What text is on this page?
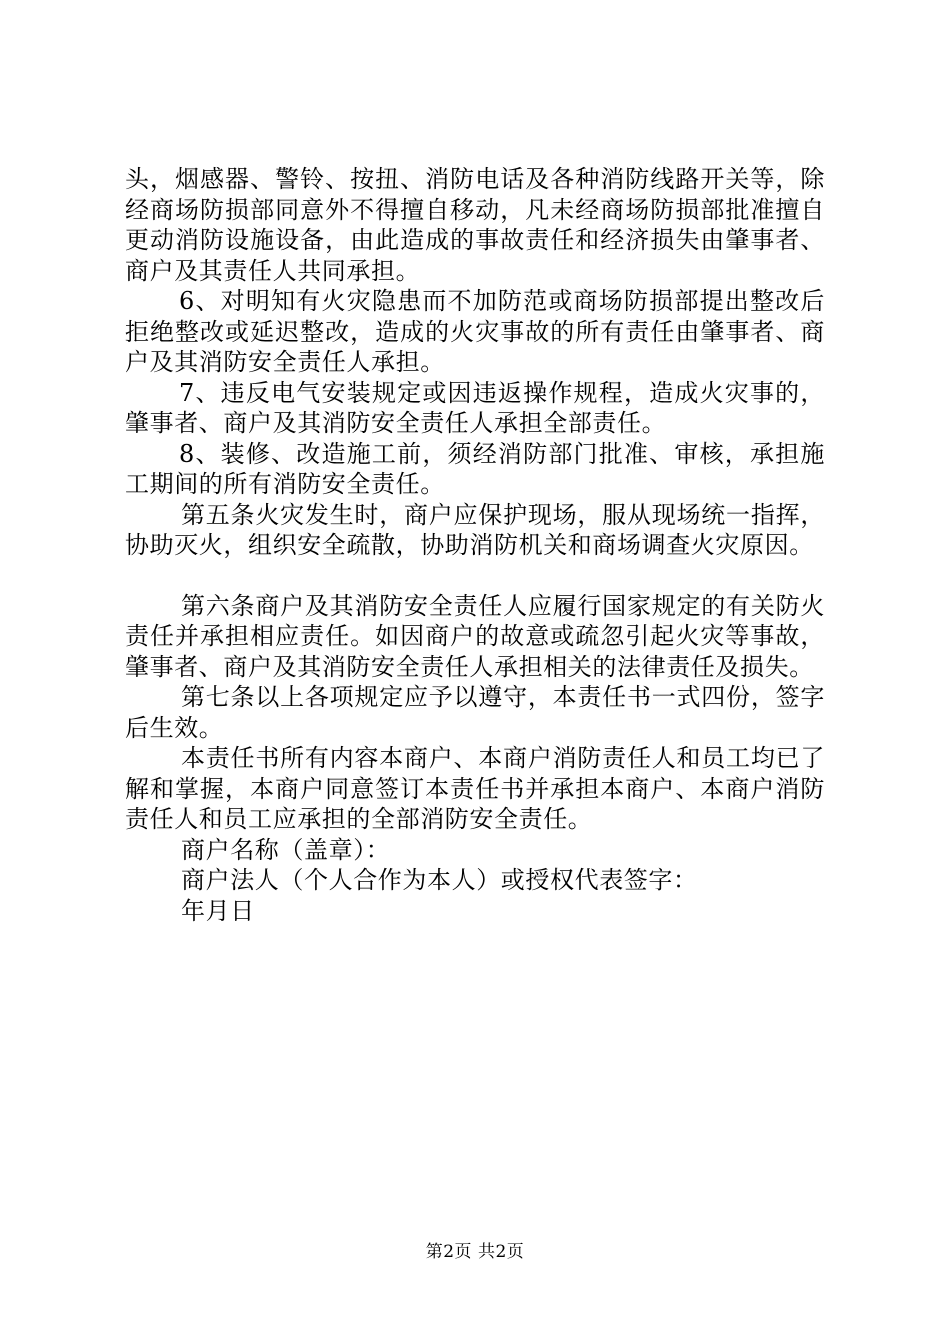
头，烟感器、警铃、按扭、消防电话及各种消防线路开关等，除经商场防损部同意外不得擅自移动，凡未经商场防损部批准擅自更动消防设施设备，由此造成的事故责任和经济损失由肇事者、商户及其责任人共同承担。

6、对明知有火灾隐患而不加防范或商场防损部提出整改后拒绝整改或延迟整改，造成的火灾事故的所有责任由肇事者、商户及其消防安全责任人承担。

7、违反电气安装规定或因违返操作规程，造成火灾事的，肇事者、商户及其消防安全责任人承担全部责任。

8、装修、改造施工前，须经消防部门批准、审核，承担施工期间的所有消防安全责任。

第五条火灾发生时，商户应保护现场，服从现场统一指挥，协助灭火，组织安全疏散，协助消防机关和商场调查火灾原因。

第六条商户及其消防安全责任人应履行国家规定的有关防火责任并承担相应责任。如因商户的故意或疏忽引起火灾等事故，肇事者、商户及其消防安全责任人承担相关的法律责任及损失。

第七条以上各项规定应予以遵守，本责任书一式四份，签字后生效。

本责任书所有内容本商户、本商户消防责任人和员工均已了解和掌握，本商户同意签订本责任书并承担本商户、本商户消防责任人和员工应承担的全部消防安全责任。

商户名称（盖章）：

商户法人（个人合作为本人）或授权代表签字：

年月日

第2页 共2页
